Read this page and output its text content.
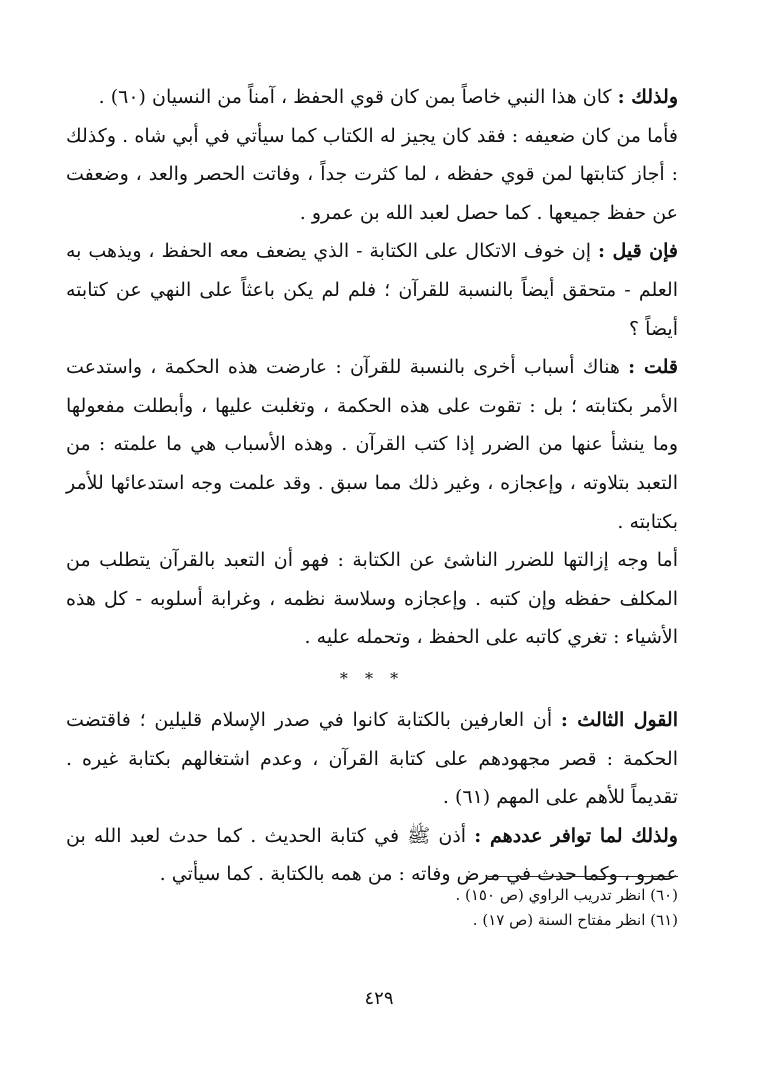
ولذلك : كان هذا النبي خاصاً بمن كان قوي الحفظ ، آمناً من النسيان (٦٠) .

فأما من كان ضعيفه : فقد كان يجيز له الكتاب كما سيأتي في أبي شاه . وكذلك : أجاز كتابتها لمن قوي حفظه ، لما كثرت جداً ، وفاتت الحصر والعد ، وضعفت عن حفظ جميعها . كما حصل لعبد الله بن عمرو .

فإن قيل : إن خوف الاتكال على الكتابة - الذي يضعف معه الحفظ ، ويذهب به العلم - متحقق أيضاً بالنسبة للقرآن ؛ فلم لم يكن باعثاً على النهي عن كتابته أيضاً ؟

قلت : هناك أسباب أخرى بالنسبة للقرآن : عارضت هذه الحكمة ، واستدعت الأمر بكتابته ؛ بل : تقوت على هذه الحكمة ، وتغلبت عليها ، وأبطلت مفعولها وما ينشأ عنها من الضرر إذا كتب القرآن . وهذه الأسباب هي ما علمته : من التعبد بتلاوته ، وإعجازه ، وغير ذلك مما سبق . وقد علمت وجه استدعائها للأمر بكتابته .

أما وجه إزالتها للضرر الناشئ عن الكتابة : فهو أن التعبد بالقرآن يتطلب من المكلف حفظه وإن كتبه . وإعجازه وسلاسة نظمه ، وغرابة أسلوبه - كل هذه الأشياء : تغري كاتبه على الحفظ ، وتحمله عليه .

* * *

القول الثالث : أن العارفين بالكتابة كانوا في صدر الإسلام قليلين ؛ فاقتضت الحكمة : قصر مجهودهم على كتابة القرآن ، وعدم اشتغالهم بكتابة غيره . تقديماً للأهم على المهم (٦١) .

ولذلك لما توافر عددهم : أذن ﷺ في كتابة الحديث . كما حدث لعبد الله بن عمرو ، وكما حدث في مرض وفاته : من همه بالكتابة . كما سيأتي .

(٦٠) انظر تدريب الراوي (ص ١٥٠) .
(٦١) انظر مفتاح السنة (ص ١٧) .
٤٢٩
